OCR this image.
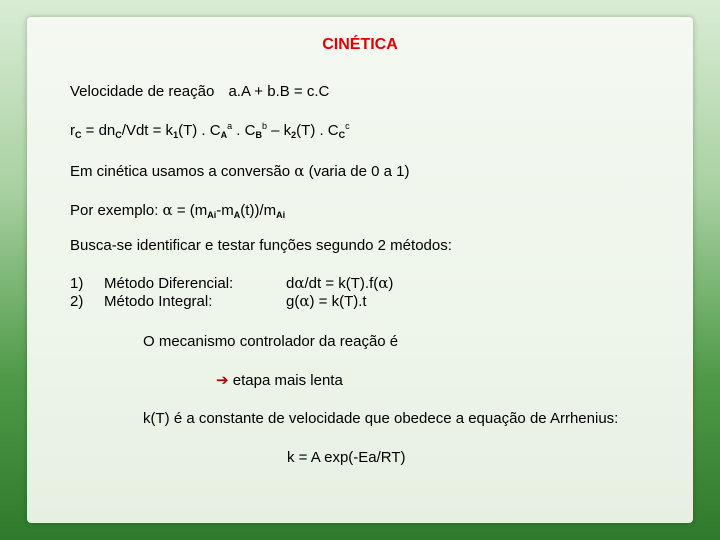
CINÉTICA
Velocidade de reação a.A + b.B = c.C
$r_C = dn_C/Vdt = k_1(T)$ . $C_A^a$ . $C_B^b - k_2(T)$ . $C_C^c$
Em cinética usamos a conversão α (varia de 0 a 1)
Por exemplo: $\alpha = (m_{Ai}-m_A(t))/m_{Ai}$
Busca-se identificar e testar funções segundo 2 métodos:
1) Método Diferencial:	dα/dt = k(T).f(α)
2) Método Integral:	g(α) = k(T).t
O mecanismo controlador da reação é
➔ etapa mais lenta
k(T) é a constante de velocidade que obedece a equação de Arrhenius:
k = A exp(-Ea/RT)
